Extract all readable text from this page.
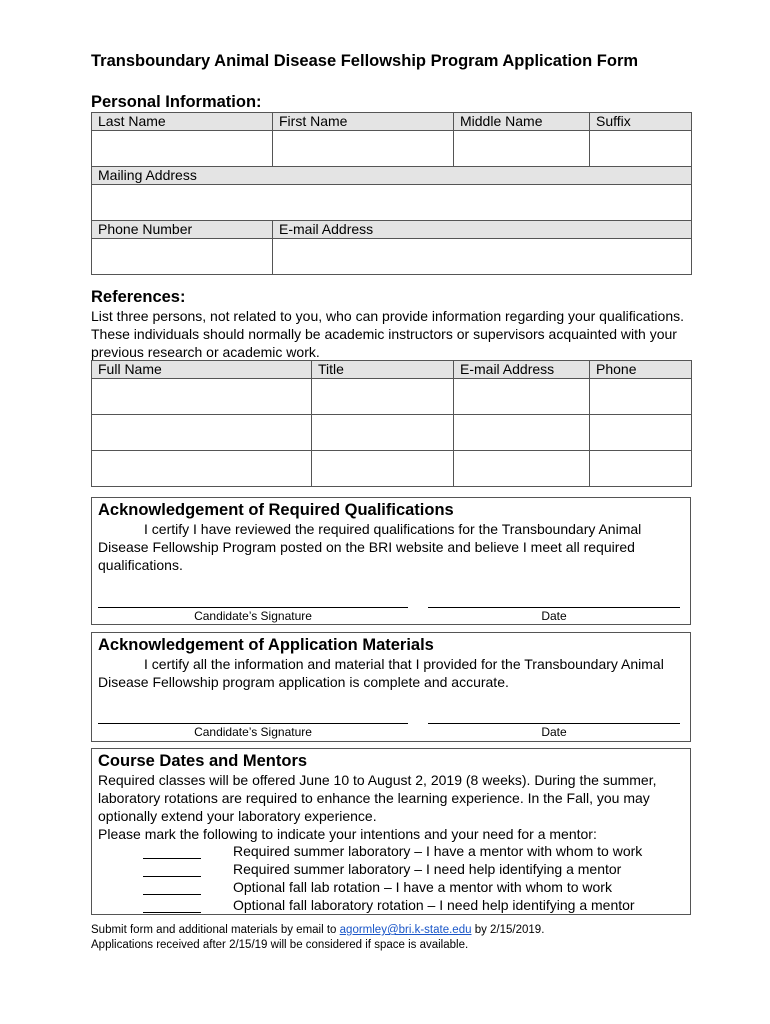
Transboundary Animal Disease Fellowship Program Application Form
Personal Information:
Last Name	First Name	Middle Name	Suffix

Mailing Address			

Phone Number	E-mail Address		

References:
List three persons, not related to you, who can provide information regarding your qualifications. These individuals should normally be academic instructors or supervisors acquainted with your previous research or academic work.
Full Name	Title	E-mail Address	Phone

Acknowledgement of Required Qualifications
I certify I have reviewed the required qualifications for the Transboundary Animal Disease Fellowship Program posted on the BRI website and believe I meet all required qualifications.
Candidate’s Signature	Date
Acknowledgement of Application Materials
I certify all the information and material that I provided for the Transboundary Animal Disease Fellowship program application is complete and accurate.
Candidate’s Signature	Date
Course Dates and Mentors
Required classes will be offered June 10 to August 2, 2019 (8 weeks). During the summer, laboratory rotations are required to enhance the learning experience. In the Fall, you may optionally extend your laboratory experience.
Please mark the following to indicate your intentions and your need for a mentor:
Required summer laboratory – I have a mentor with whom to work
Required summer laboratory – I need help identifying a mentor
Optional fall lab rotation – I have a mentor with whom to work
Optional fall laboratory rotation – I need help identifying a mentor
Submit form and additional materials by email to agormley@bri.k-state.edu by 2/15/2019.
Applications received after 2/15/19 will be considered if space is available.
